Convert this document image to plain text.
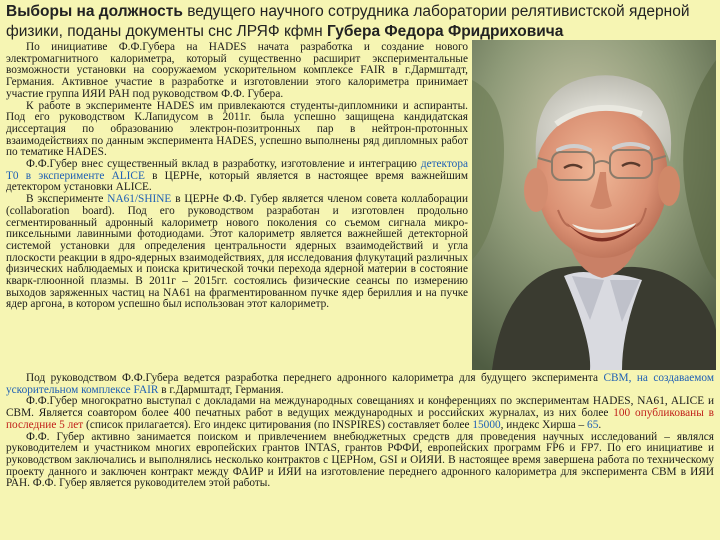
Выборы на должность ведущего научного сотрудника лаборатории релятивистской ядерной физики, поданы документы снс ЛРЯФ кфмн Губера Федора Фридриховича

По инициативе Ф.Ф.Губера на HADES начата разработка и создание нового электромагнитного калориметра, который существенно расширит экспериментальные возможности установки на сооружаемом ускорительном комплексе FAIR в г.Дармштадт, Германия. Активное участие в разработке и изготовлении этого калориметра принимает участие группа ИЯИ РАН под руководством Ф.Ф. Губера.

К работе в эксперименте HADES им привлекаются студенты-дипломники и аспиранты. Под его руководством К.Лапидусом в 2011г. была успешно защищена кандидатская диссертация по образованию электрон-позитронных пар в нейтрон-протонных взаимодействиях по данным эксперимента HADES, успешно выполнены ряд дипломных работ по тематике HADES.

Ф.Ф.Губер внес существенный вклад в разработку, изготовление и интеграцию детектора Т0 в эксперименте ALICE в ЦЕРНе, который является в настоящее время важнейшим детектором установки ALICE.

В эксперименте NA61/SHINE в ЦЕРНе Ф.Ф. Губер является членом совета коллаборации (collaboration board). Под его руководством разработан и изготовлен продольно сегментированный адронный калориметр нового поколения со съемом сигнала микро-пиксельными лавинными фотодиодами. Этот калориметр является важнейшей детекторной системой установки для определения центральности ядерных взаимодействий и угла плоскости реакции в ядро-ядерных взаимодействиях, для исследования флукутаций различных физических наблюдаемых и поиска критической точки перехода ядерной материи в состояние кварк-глюонной плазмы. В 2011г – 2015гг. состоялись физические сеансы по измерению выходов заряженных частиц на NA61 на фрагментированном пучке ядер бериллия и на пучке ядер аргона, в котором успешно был использован этот калориметр.

Под руководством Ф.Ф.Губера ведется разработка переднего адронного калориметра для будущего эксперимента CBM, на создаваемом ускорительном комплексе FAIR в г.Дармштадт, Германия.

Ф.Ф.Губер многократно выступал с докладами на международных совещаниях и конференциях по экспериментам HADES, NA61, ALICE и CBM. Является соавтором более 400 печатных работ в ведущих международных и российских журналах, из них более 100 опубликованы в последние 5 лет (список прилагается). Его индекс цитирования (по INSPIRES) составляет более 15000, индекс Хирша – 65.

Ф.Ф. Губер активно занимается поиском и привлечением внебюджетных средств для проведения научных исследований – являлся руководителем и участником многих европейских грантов INTAS, грантов РФФИ, европейских программ FP6 и FP7. По его инициативе и руководством заключались и выполнялись несколько контрактов с ЦЕРНом, GSI и ОИЯИ. В настоящее время завершена работа по техническому проекту данного и заключен контракт между ФАИР и ИЯИ на изготовление переднего адронного калориметра для эксперимента CBM в ИЯИ РАН. Ф.Ф. Губер является руководителем этой работы.
